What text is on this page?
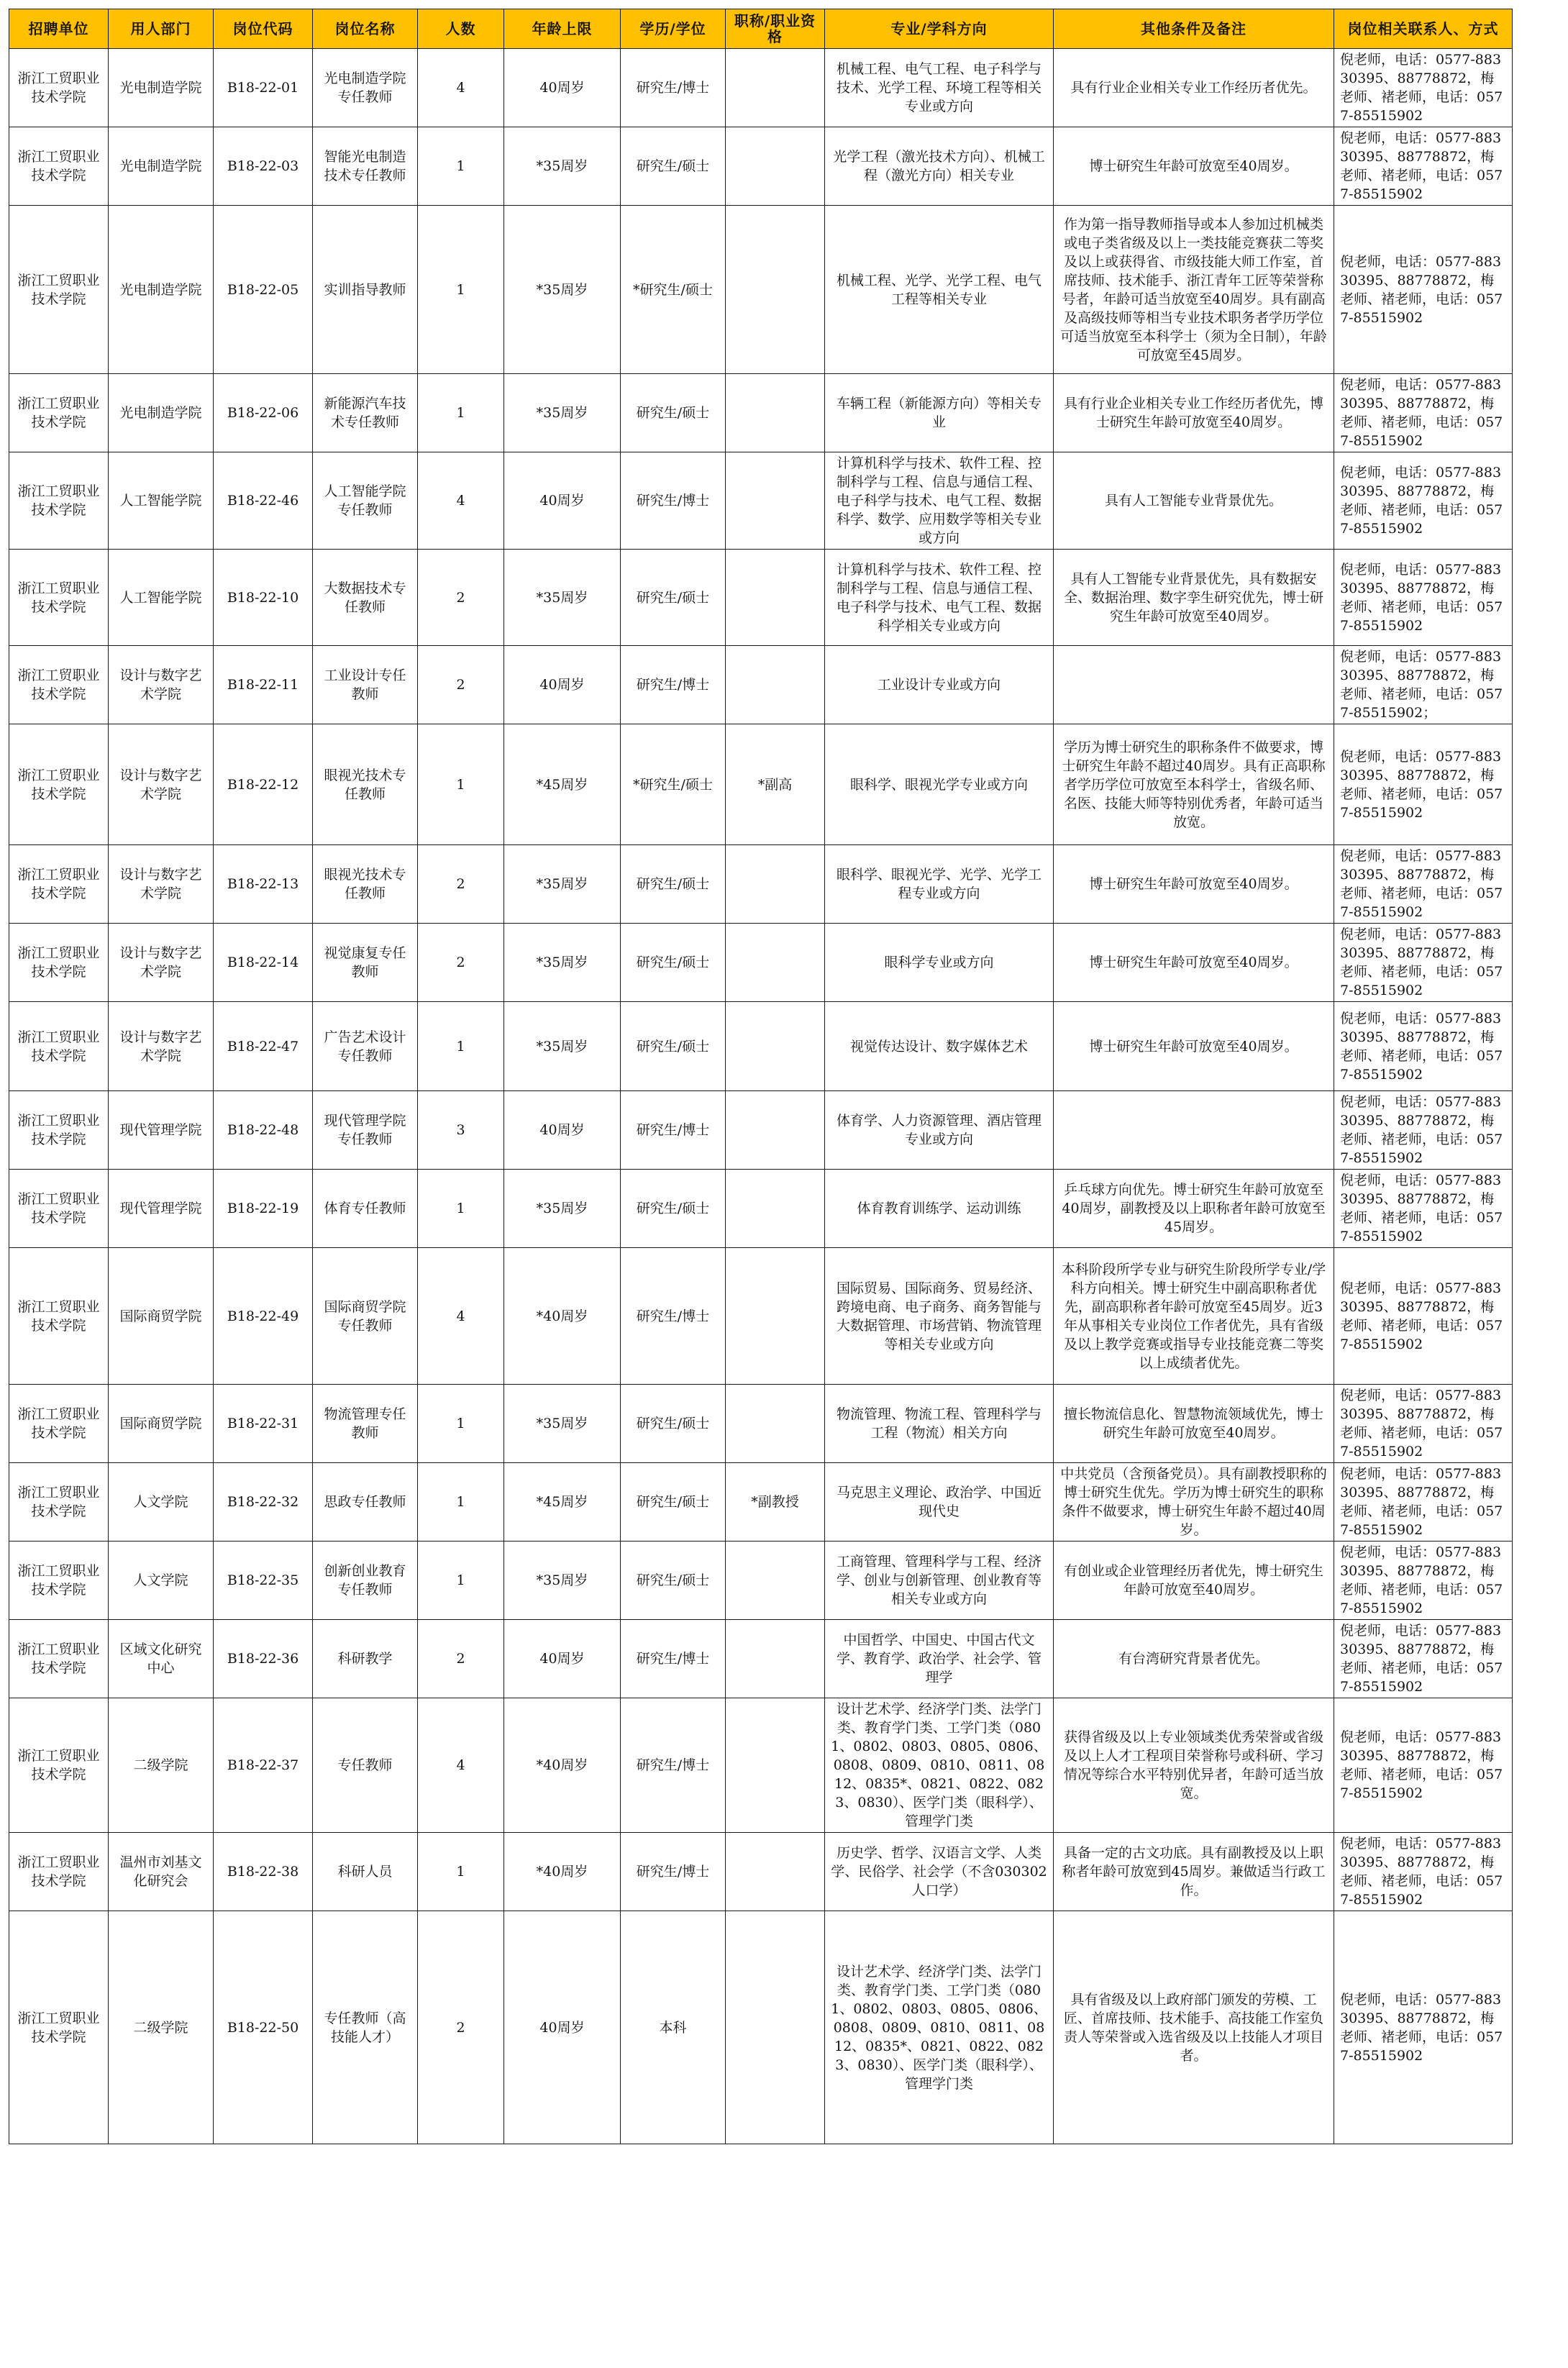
招聘单位	用人部门	岗位代码	岗位名称	人数	年龄上限	学历/学位	职称/职业资格	专业/学科方向	其他条件及备注	岗位相关联系人、方式
浙江工贸职业技术学院	光电制造学院	B18-22-01	光电制造学院专任教师	4	40周岁	研究生/博士		机械工程、电气工程、电子科学与技术、光学工程、环境工程等相关专业或方向	具有行业企业相关专业工作经历者优先。	倪老师，电话：0577-88330395、88778872，梅老师、褚老师，电话：0577-85515902
浙江工贸职业技术学院	光电制造学院	B18-22-03	智能光电制造技术专任教师	1	*35周岁	研究生/硕士		光学工程（激光技术方向）、机械工程（激光方向）相关专业	博士研究生年龄可放宽至40周岁。	倪老师，电话：0577-88330395、88778872，梅老师、褚老师，电话：0577-85515902
浙江工贸职业技术学院	光电制造学院	B18-22-05	实训指导教师	1	*35周岁	*研究生/硕士		机械工程、光学、光学工程、电气工程等相关专业	作为第一指导教师指导或本人参加过机械类或电子类省级及以上一类技能竞赛获二等奖及以上或获得省、市级技能大师工作室，首席技师、技术能手、浙江青年工匠等荣誉称号者，年龄可适当放宽至40周岁。具有副高及高级技师等相当专业技术职务者学历学位可适当放宽至本科学士（须为全日制），年龄可放宽至45周岁。	倪老师，电话：0577-88330395、88778872，梅老师、褚老师，电话：0577-85515902
浙江工贸职业技术学院	光电制造学院	B18-22-06	新能源汽车技术专任教师	1	*35周岁	研究生/硕士		车辆工程（新能源方向）等相关专业	具有行业企业相关专业工作经历者优先，博士研究生年龄可放宽至40周岁。	倪老师，电话：0577-88330395、88778872，梅老师、褚老师，电话：0577-85515902
浙江工贸职业技术学院	人工智能学院	B18-22-46	人工智能学院专任教师	4	40周岁	研究生/博士		计算机科学与技术、软件工程、控制科学与工程、信息与通信工程、电子科学与技术、电气工程、数据科学、数学、应用数学等相关专业或方向	具有人工智能专业背景优先。	倪老师，电话：0577-88330395、88778872，梅老师、褚老师，电话：0577-85515902
浙江工贸职业技术学院	人工智能学院	B18-22-10	大数据技术专任教师	2	*35周岁	研究生/硕士		计算机科学与技术、软件工程、控制科学与工程、信息与通信工程、电子科学与技术、电气工程、数据科学相关专业或方向	具有人工智能专业背景优先，具有数据安全、数据治理、数字孪生研究优先，博士研究生年龄可放宽至40周岁。	倪老师，电话：0577-88330395、88778872，梅老师、褚老师，电话：0577-85515902
浙江工贸职业技术学院	设计与数字艺术学院	B18-22-11	工业设计专任教师	2	40周岁	研究生/博士		工业设计专业或方向		倪老师，电话：0577-88330395、88778872，梅老师、褚老师，电话：0577-85515902；
浙江工贸职业技术学院	设计与数字艺术学院	B18-22-12	眼视光技术专任教师	1	*45周岁	*研究生/硕士	*副高	眼科学、眼视光学专业或方向	学历为博士研究生的职称条件不做要求，博士研究生年龄不超过40周岁。具有正高职称者学历学位可放宽至本科学士，省级名师、名医、技能大师等特别优秀者，年龄可适当放宽。	倪老师，电话：0577-88330395、88778872，梅老师、褚老师，电话：0577-85515902
浙江工贸职业技术学院	设计与数字艺术学院	B18-22-13	眼视光技术专任教师	2	*35周岁	研究生/硕士		眼科学、眼视光学、光学、光学工程专业或方向	博士研究生年龄可放宽至40周岁。	倪老师，电话：0577-88330395、88778872，梅老师、褚老师，电话：0577-85515902
浙江工贸职业技术学院	设计与数字艺术学院	B18-22-14	视觉康复专任教师	2	*35周岁	研究生/硕士		眼科学专业或方向	博士研究生年龄可放宽至40周岁。	倪老师，电话：0577-88330395、88778872，梅老师、褚老师，电话：0577-85515902
浙江工贸职业技术学院	设计与数字艺术学院	B18-22-47	广告艺术设计专任教师	1	*35周岁	研究生/硕士		视觉传达设计、数字媒体艺术	博士研究生年龄可放宽至40周岁。	倪老师，电话：0577-88330395、88778872，梅老师、褚老师，电话：0577-85515902
浙江工贸职业技术学院	现代管理学院	B18-22-48	现代管理学院专任教师	3	40周岁	研究生/博士		体育学、人力资源管理、酒店管理专业或方向		倪老师，电话：0577-88330395、88778872，梅老师、褚老师，电话：0577-85515902
浙江工贸职业技术学院	现代管理学院	B18-22-19	体育专任教师	1	*35周岁	研究生/硕士		体育教育训练学、运动训练	乒乓球方向优先。博士研究生年龄可放宽至40周岁，副教授及以上职称者年龄可放宽至45周岁。	倪老师，电话：0577-88330395、88778872，梅老师、褚老师，电话：0577-85515902
浙江工贸职业技术学院	国际商贸学院	B18-22-49	国际商贸学院专任教师	4	*40周岁	研究生/博士		国际贸易、国际商务、贸易经济、跨境电商、电子商务、商务智能与大数据管理、市场营销、物流管理等相关专业或方向	本科阶段所学专业与研究生阶段所学专业/学科方向相关。博士研究生中副高职称者优先，副高职称者年龄可放宽至45周岁。近3年从事相关专业岗位工作者优先，具有省级及以上教学竞赛或指导专业技能竞赛二等奖以上成绩者优先。	倪老师，电话：0577-88330395、88778872，梅老师、褚老师，电话：0577-85515902
浙江工贸职业技术学院	国际商贸学院	B18-22-31	物流管理专任教师	1	*35周岁	研究生/硕士		物流管理、物流工程、管理科学与工程（物流）相关方向	擅长物流信息化、智慧物流领域优先，博士研究生年龄可放宽至40周岁。	倪老师，电话：0577-88330395、88778872，梅老师、褚老师，电话：0577-85515902
浙江工贸职业技术学院	人文学院	B18-22-32	思政专任教师	1	*45周岁	研究生/硕士	*副教授	马克思主义理论、政治学、中国近现代史	中共党员（含预备党员）。具有副教授职称的博士研究生优先。学历为博士研究生的职称条件不做要求，博士研究生年龄不超过40周岁。	倪老师，电话：0577-88330395、88778872，梅老师、褚老师，电话：0577-85515902
浙江工贸职业技术学院	人文学院	B18-22-35	创新创业教育专任教师	1	*35周岁	研究生/硕士		工商管理、管理科学与工程、经济学、创业与创新管理、创业教育等相关专业或方向	有创业或企业管理经历者优先，博士研究生年龄可放宽至40周岁。	倪老师，电话：0577-88330395、88778872，梅老师、褚老师，电话：0577-85515902
浙江工贸职业技术学院	区域文化研究中心	B18-22-36	科研教学	2	40周岁	研究生/博士		中国哲学、中国史、中国古代文学、教育学、政治学、社会学、管理学	有台湾研究背景者优先。	倪老师，电话：0577-88330395、88778872，梅老师、褚老师，电话：0577-85515902
浙江工贸职业技术学院	二级学院	B18-22-37	专任教师	4	*40周岁	研究生/博士		设计艺术学、经济学门类、法学门类、教育学门类、工学门类（0801、0802、0803、0805、0806、0808、0809、0810、0811、0812、0835*、0821、0822、0823、0830）、医学门类（眼科学）、管理学门类	获得省级及以上专业领域类优秀荣誉或省级及以上人才工程项目荣誉称号或科研、学习情况等综合水平特别优异者，年龄可适当放宽。	倪老师，电话：0577-88330395、88778872，梅老师、褚老师，电话：0577-85515902
浙江工贸职业技术学院	温州市刘基文化研究会	B18-22-38	科研人员	1	*40周岁	研究生/博士		历史学、哲学、汉语言文学、人类学、民俗学、社会学（不含030302人口学）	具备一定的古文功底。具有副教授及以上职称者年龄可放宽到45周岁。兼做适当行政工作。	倪老师，电话：0577-88330395、88778872，梅老师、褚老师，电话：0577-85515902
浙江工贸职业技术学院	二级学院	B18-22-50	专任教师（高技能人才）	2	40周岁	本科		设计艺术学、经济学门类、法学门类、教育学门类、工学门类（0801、0802、0803、0805、0806、0808、0809、0810、0811、0812、0835*、0821、0822、0823、0830）、医学门类（眼科学）、管理学门类	具有省级及以上政府部门颁发的劳模、工匠、首席技师、技术能手、高技能工作室负责人等荣誉或入选省级及以上技能人才项目者。	倪老师，电话：0577-88330395、88778872，梅老师、褚老师，电话：0577-85515902
